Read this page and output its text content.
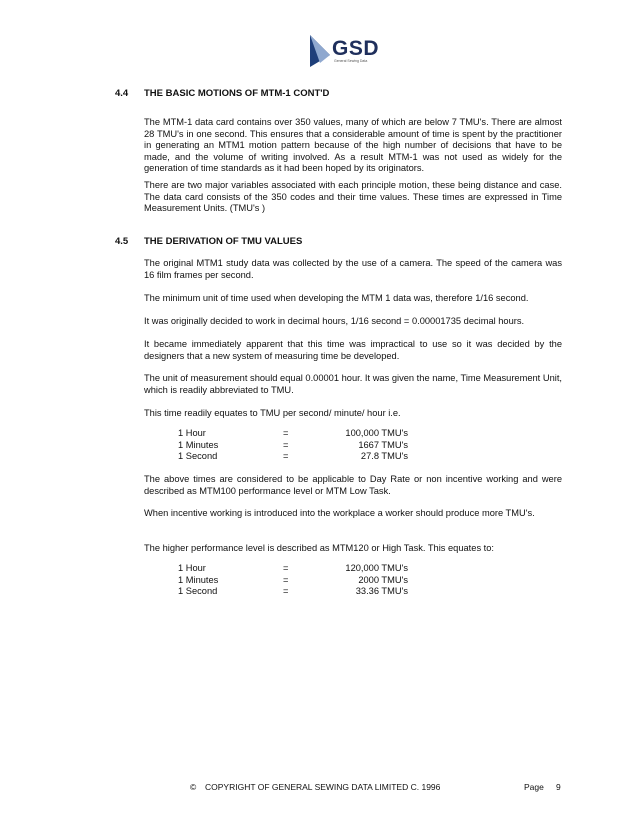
GSD
General Sewing Data
4.4 THE BASIC MOTIONS OF MTM-1 CONT'D

The MTM-1 data card contains over 350 values, many of which are below 7 TMU's. There are almost 28 TMU's in one second. This ensures that a considerable amount of time is spent by the practitioner in generating an MTM1 motion pattern because of the high number of decisions that have to be made, and the volume of writing involved. As a result MTM-1 was not used as widely for the generation of time standards as it had been hoped by its originators.

There are two major variables associated with each principle motion, these being distance and case. The data card consists of the 350 codes and their time values. These times are expressed in Time Measurement Units. (TMU's )

4.5 THE DERIVATION OF TMU VALUES

The original MTM1 study data was collected by the use of a camera. The speed of the camera was 16 film frames per second.

The minimum unit of time used when developing the MTM 1 data was, therefore 1/16 second.

It was originally decided to work in decimal hours, 1/16 second = 0.00001735 decimal hours.

It became immediately apparent that this time was impractical to use so it was decided by the designers that a new system of measuring time be developed.

The unit of measurement should equal 0.00001 hour. It was given the name, Time Measurement Unit, which is readily abbreviated to TMU.

This time readily equates to TMU per second/ minute/ hour i.e.

1 Hour	=	100,000 TMU's
1 Minutes	=	1667 TMU's
1 Second	=	27.8 TMU's

The above times are considered to be applicable to Day Rate or non incentive working and were described as MTM100 performance level or MTM Low Task.

When incentive working is introduced into the workplace a worker should produce more TMU's.

The higher performance level is described as MTM120 or High Task. This equates to:

1 Hour	=	120,000 TMU's
1 Minutes	=	2000 TMU's
1 Second	=	33.36 TMU's
© COPYRIGHT OF GENERAL SEWING DATA LIMITED C. 1996	Page 9
